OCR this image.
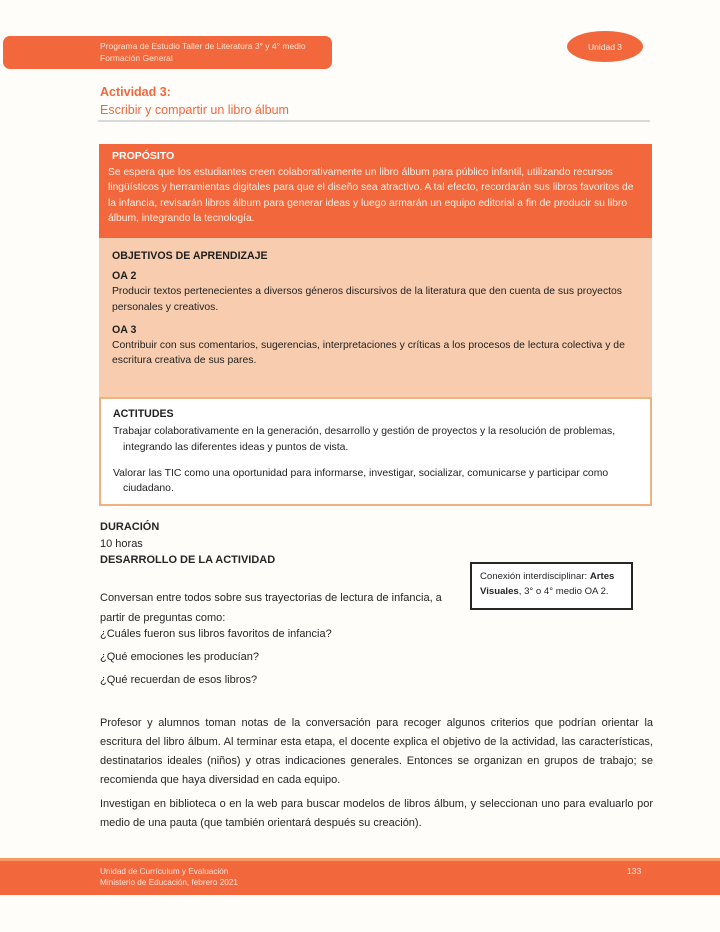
Programa de Estudio Taller de Literatura 3° y 4° medio
Formación General
Unidad 3
Actividad 3:
Escribir y compartir un libro álbum
PROPÓSITO

Se espera que los estudiantes creen colaborativamente un libro álbum para público infantil, utilizando recursos lingüísticos y herramientas digitales para que el diseño sea atractivo. A tal efecto, recordarán sus libros favoritos de la infancia, revisarán libros álbum para generar ideas y luego armarán un equipo editorial a fin de producir su libro álbum, integrando la tecnología.

OBJETIVOS DE APRENDIZAJE

OA 2

Producir textos pertenecientes a diversos géneros discursivos de la literatura que den cuenta de sus proyectos personales y creativos.

OA 3

Contribuir con sus comentarios, sugerencias, interpretaciones y críticas a los procesos de lectura colectiva y de escritura creativa de sus pares.

ACTITUDES

Trabajar colaborativamente en la generación, desarrollo y gestión de proyectos y la resolución de problemas, integrando las diferentes ideas y puntos de vista.

Valorar las TIC como una oportunidad para informarse, investigar, socializar, comunicarse y participar como ciudadano.

DURACIÓN
10 horas
DESARROLLO DE LA ACTIVIDAD
Conexión interdisciplinar: Artes Visuales, 3° o 4° medio OA 2.

Conversan entre todos sobre sus trayectorias de lectura de infancia, a partir de preguntas como:

¿Cuáles fueron sus libros favoritos de infancia?

¿Qué emociones les producían?

¿Qué recuerdan de esos libros?

Profesor y alumnos toman notas de la conversación para recoger algunos criterios que podrían orientar la escritura del libro álbum. Al terminar esta etapa, el docente explica el objetivo de la actividad, las características, destinatarios ideales (niños) y otras indicaciones generales. Entonces se organizan en grupos de trabajo; se recomienda que haya diversidad en cada equipo.

Investigan en biblioteca o en la web para buscar modelos de libros álbum, y seleccionan uno para evaluarlo por medio de una pauta (que también orientará después su creación).

Unidad de Currículum y Evaluación
Ministerio de Educación, febrero 2021
133
